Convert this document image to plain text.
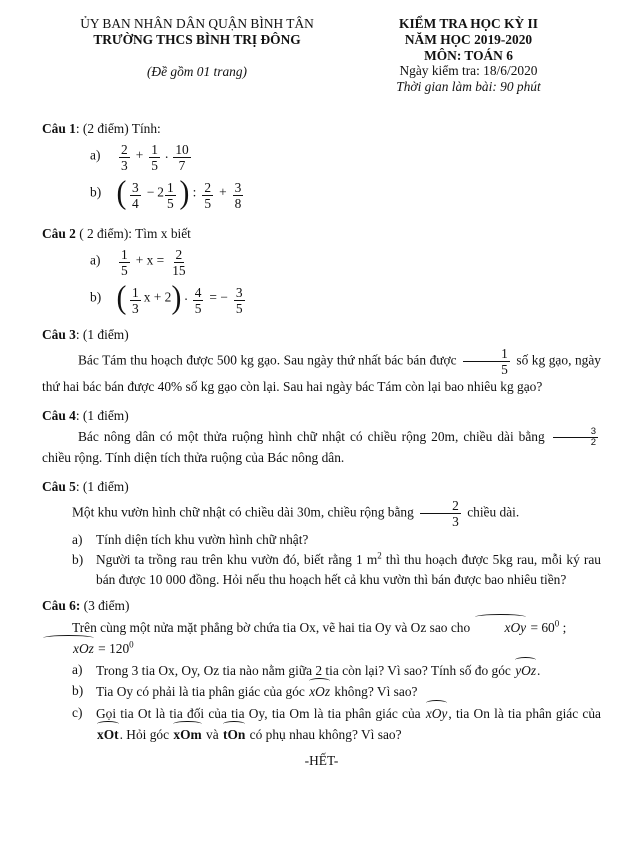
ỦY BAN NHÂN DÂN QUẬN BÌNH TÂN
TRƯỜNG THCS BÌNH TRỊ ĐÔNG
(Đề gồm 01 trang)
KIỂM TRA HỌC KỲ II
NĂM HỌC 2019-2020
MÔN: TOÁN 6
Ngày kiểm tra: 18/6/2020
Thời gian làm bài: 90 phút
Câu 1: (2 điểm) Tính:
a)	$\frac{2}{3} + \frac{1}{5}$ . $\frac{10}{7}$
b) ( $\frac{3}{4} - 2 \frac{1}{5}$ ) : $\frac{2}{5} + \frac{3}{8}$
Câu 2 ( 2 điểm): Tìm x biết
a)	$\frac{1}{5} + x = \frac{2}{15}$
b) ( $\frac{1}{3}$ x + 2 ) . $\frac{4}{5}$ = − $\frac{3}{5}$
Câu 3: (1 điểm)
Bác Tám thu hoạch được 500 kg gạo. Sau ngày thứ nhất bác bán được $\frac{1}{5}$ số kg gạo, ngày thứ hai bác bán được 40% số kg gạo còn lại. Sau hai ngày bác Tám còn lại bao nhiêu kg gạo?
Câu 4: (1 điểm)
Bác nông dân có một thửa ruộng hình chữ nhật có chiều rộng 20m, chiều dài bằng $\frac{3}{2}$
chiều rộng. Tính diện tích thửa ruộng của Bác nông dân.
Câu 5: (1 điểm)
Một khu vườn hình chữ nhật có chiều dài 30m, chiều rộng bằng $\frac{2}{3}$ chiều dài.
a)	Tính diện tích khu vườn hình chữ nhật?
b) Người ta trồng rau trên khu vườn đó, biết rằng 1 $m^2$ thì thu hoạch được 5kg rau, mỗi ký rau bán được 10 000 đồng. Hỏi nếu thu hoạch hết cả khu vườn thì bán được bao nhiêu tiền?
Câu 6: (3 điểm)
Trên cùng một nửa mặt phẳng bờ chứa tia Ox, vẽ hai tia Oy và Oz sao cho xOy = $60^0$ ;
xOz = $120^0$
a)	Trong 3 tia Ox, Oy, Oz tia nào nằm giữa 2 tia còn lại? Vì sao? Tính số đo góc yOz.
b) Tia Oy có phải là tia phân giác của góc xOz không? Vì sao?
c)	Gọi tia Ot là tia đối của tia Oy, tia Om là tia phân giác của xOy, tia On là tia phân giác của xOt. Hỏi góc xOm và tOn có phụ nhau không? Vì sao?
-HẾT-
